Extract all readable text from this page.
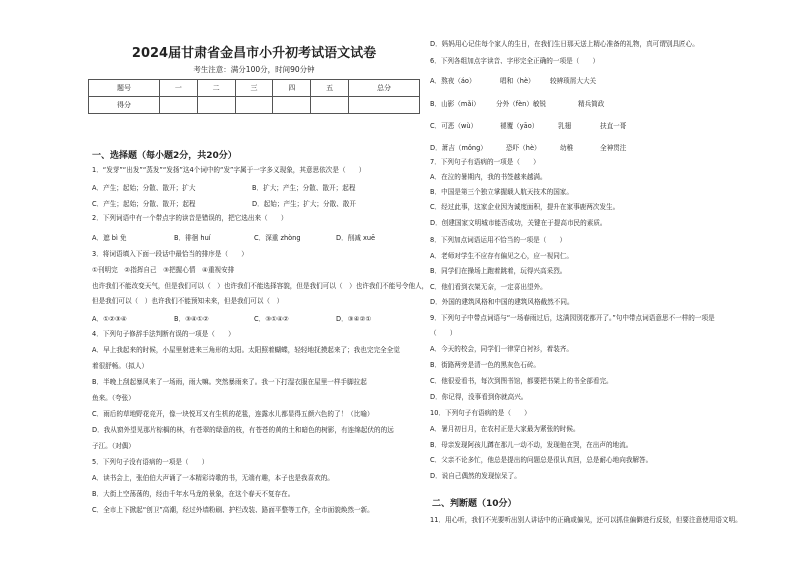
2024届甘肃省金昌市小升初考试语文试卷
考生注意：满分100分，时间90分钟
题号	一	二	三	四	五	总分
得分						
一、选择题（每小题2分，共20分）
1．“发芽”“出发”“蒸发”“发扬”这4个词中的“发”字属于一字多义现象，其意思依次是（　　）
A．产生；起始；分散、散开；扩大	B．扩大；产生；分散、散开；起程
C．产生；起始；分散、散开；起程	D．起始；产生；扩大；分散、散开
2．下列词语中有一个带点字的读音是错误的，把它选出来（　　）
A．遮 bì 免	B．徘徊 huí	C．深重 zhòng	D．削减 xuē
3．将词语填入下面一段话中最恰当的排序是（　　）
①刊明完　②指挥自己　③把握心情　④重视安排
也许我们不能改变天气，但是我们可以（　）也许我们不能选择容貌，但是我们可以（　）也许我们不能号令他人，
但是我们可以（　）也许我们不能预知未来，但是我们可以（　）
A．①②③④	B．③④①②	C．③①④②	D．③④②①
4．下列句子修辞手法判断有误的一项是（　　）
A．早上我起来的时候，小屋里射进来三角形的太阳。太阳照着蝴蝶，轻轻地抚摸起来了；我也完完全全觉
着很舒畅。（拟人）
B．半晚上刮起暴风来了一场雨，雨大嘛。突然暴雨来了。我一下打湿衣服在屋里一样手脚拉起
鱼来。（夸张）
C．雨后的草地野花竞开，像一块悦耳又有生机的花毯，连露水儿都显得五颜六色的了！（比喻）
D．我从窗外望见那片棕榈的林，有苍翠的绿意的枝，有苍苍的黄的土和暗色的树影，有连绵起伏的的远
子江。（对偶）
5．下列句子没有语病的一项是（　　）
A．读书会上，张伯伯大声诵了一本精彩诗歌的书，无端有趣，本子也是我喜欢的。
B．大街上空荡荡的，经由千年水马龙的景象，在这个春天不复存在。
C．全市上下掀起“创卫”高潮，经过外墙粉刷、护栏改装、路面平整等工作，全市面貌焕然一新。
D．妈妈用心记住每个家人的生日，在我们生日那天送上精心准备的礼物，真可谓别具匠心。
6．下列各组加点字读音、字形完全正确的一项是（　　）
A．熬夜（áo）	唱和（hè） 较辨琐屑大大关
B．山影（mǎi） 分外（fèn）敏锐	精兵简政
C．可恶（wù）	褪覆（yāo）	乳翅	扶直一哥
D．萧吉（mǒng）	恐吓（hè）	幼稚	全神贯注
7．下列句子有语病的一项是（　　）
A．在泣的暑期内，我的书签越来越满。
B．中国是第三个独立掌握载人航天技术的国家。
C．经过此事，这家企业因为诚度面积，提升在家事鹿两次发生。
D．创建国家文明城市能否成功，关键在于提高市民的素质。
8．下列加点词语运用不恰当的一项是（　　）
A．老师对学生不应存有偏见之心，应一视同仁。
B．同学们在操场上跑着跳着，玩得兴高采烈。
C．他们看到衣架无奈，一定喜出望外。
D．外国的建筑风格和中国的建筑风格截然不同。
9．下列句子中带点词语与“一场春雨过后，这满园别花都开了。”句中带点词语意思不一样的一项是
（　　）
A．今天的校会，同学们一律穿白衬衫，着装齐。
B．街路两旁是清一色的黑灰色石砖。
C．他很爱看书，每次到图书馆，都要把书架上的书全部看完。
D．你记得，没事看到你就高兴。
10．下列句子有语病的是（　　）
A．暑月初日月，在农村正是大家最为紧张的时候。
B．母亲发现阿孩儿蹲在那儿一动不动，发现他在哭，在出声的地流。
C．父亲不论多忙，他总是提出的问题总是很认真回，总是耐心地向我解答。
D．说自己偶然的发现惊呆了。
二、判断题（10分）
11．用心听，我们不光要听出别人讲话中的正确或偏见，还可以抓住偏僻进行反驳，但要注意使用语文明。
